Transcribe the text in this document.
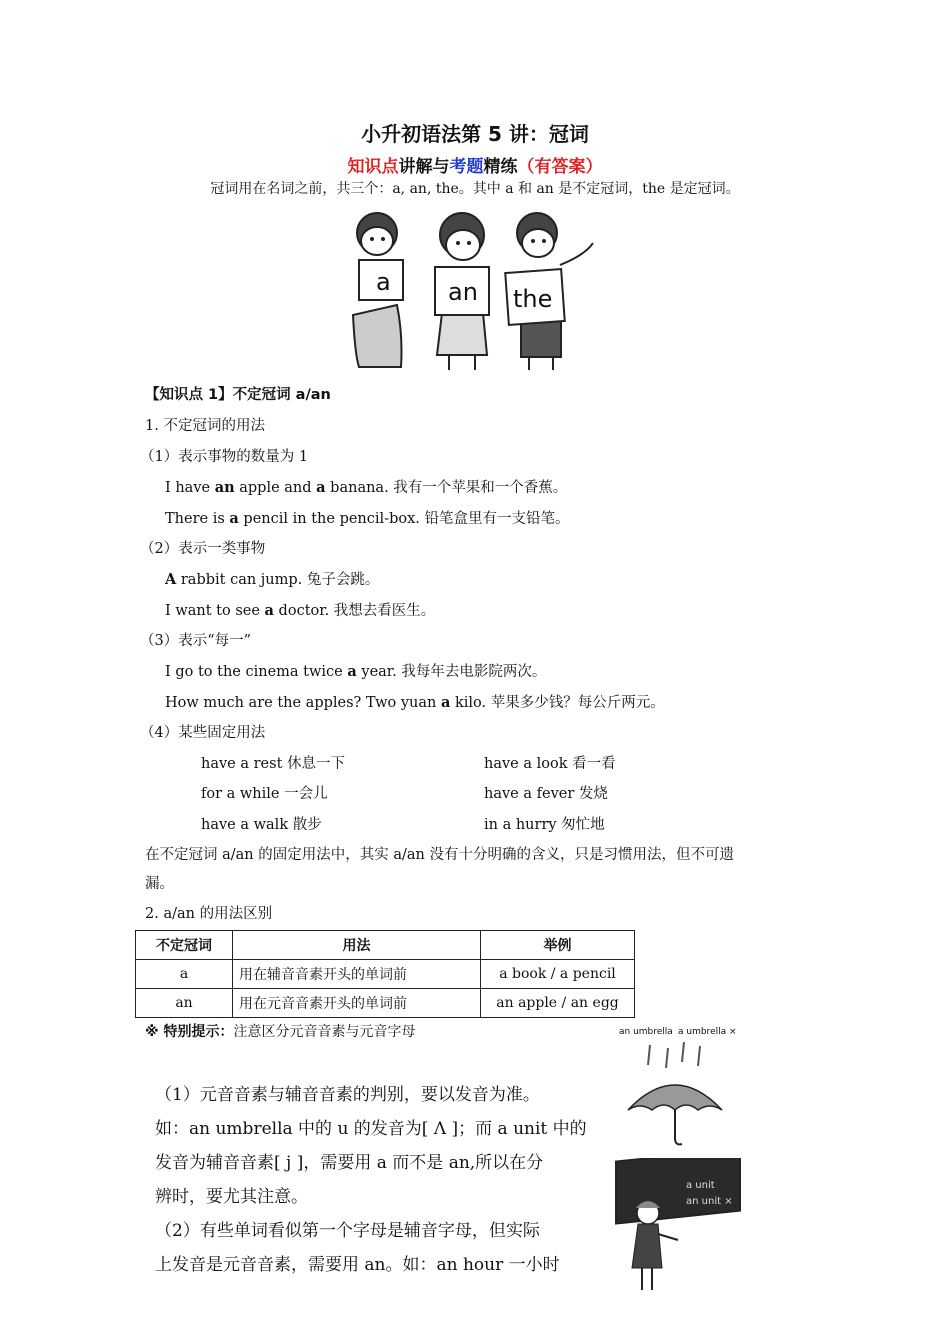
小升初语法第 5 讲：冠词
知识点讲解与考题精练（有答案）
冠词用在名词之前，共三个：a, an, the。其中 a 和 an 是不定冠词，the 是定冠词。
a an the
【知识点 1】不定冠词 a/an
1. 不定冠词的用法
（1）表示事物的数量为 1
I have an apple and a banana. 我有一个苹果和一个香蕉。
There is a pencil in the pencil-box. 铅笔盒里有一支铅笔。
（2）表示一类事物
A rabbit can jump. 兔子会跳。
I want to see a doctor. 我想去看医生。
（3）表示“每一”
I go to the cinema twice a year. 我每年去电影院两次。
How much are the apples? Two yuan a kilo. 苹果多少钱？每公斤两元。
（4）某些固定用法
have a rest 休息一下	have a look 看一看
for a while 一会儿	have a fever 发烧
have a walk 散步	in a hurry 匆忙地
在不定冠词 a/an 的固定用法中，其实 a/an 没有十分明确的含义，只是习惯用法，但不可遗
漏。
2. a/an 的用法区别
不定冠词	用法	举例
a	用在辅音音素开头的单词前	a book / a pencil
an	用在元音音素开头的单词前	an apple / an egg
※ 特别提示：注意区分元音音素与元音字母
（1）元音音素与辅音音素的判别，要以发音为准。
如：an umbrella 中的 u 的发音为[ Λ ]；而 a unit 中的
发音为辅音音素[ j ]，需要用 a 而不是 an,所以在分
辨时，要尤其注意。
（2）有些单词看似第一个字母是辅音字母，但实际
上发音是元音音素，需要用 an。如：an hour 一小时
an umbrella a umbrella ×
a unit
an unit ×
